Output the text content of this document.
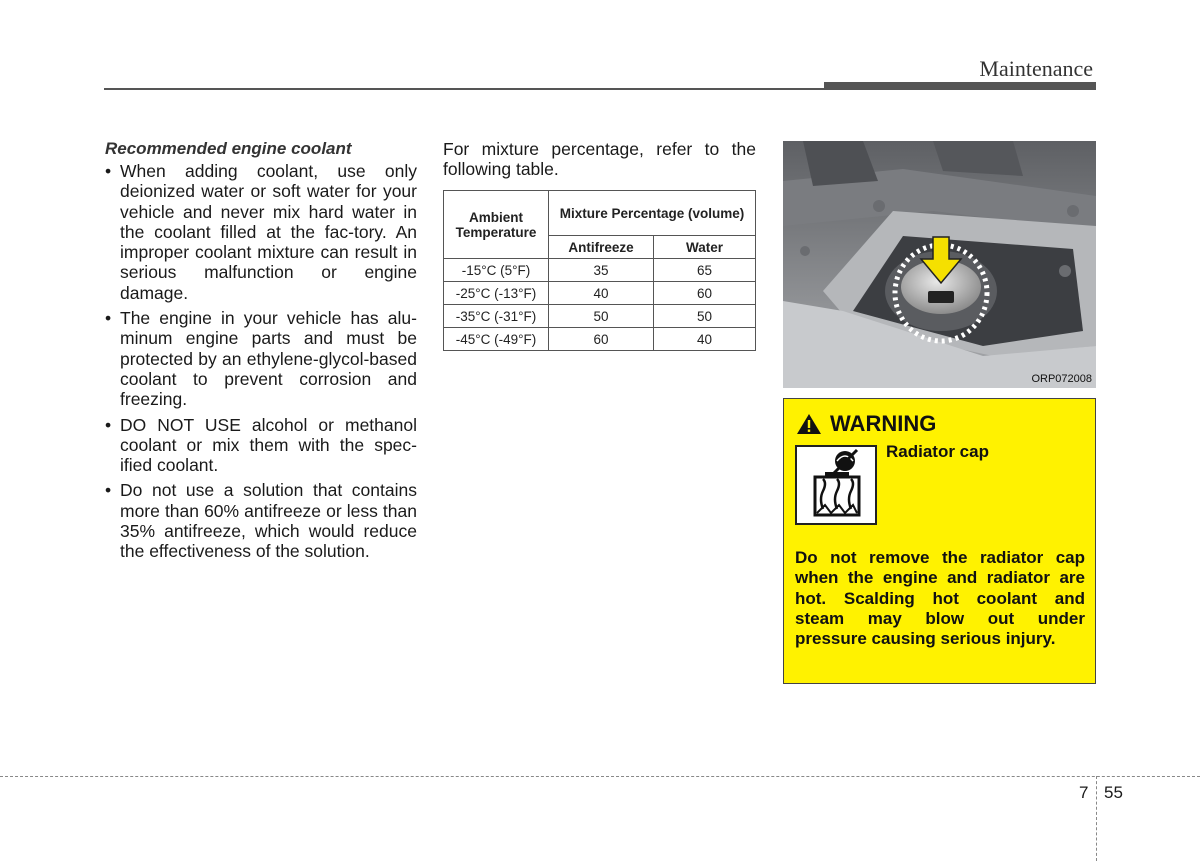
Maintenance
Recommended engine coolant
• When adding coolant, use only deionized water or soft water for your vehicle and never mix hard water in the coolant filled at the fac-tory. An improper coolant mixture can result in serious malfunction or engine damage.
• The engine in your vehicle has alu-minum engine parts and must be protected by an ethylene-glycol-based coolant to prevent corrosion and freezing.
• DO NOT USE alcohol or methanol coolant or mix them with the spec-ified coolant.
• Do not use a solution that contains more than 60% antifreeze or less than 35% antifreeze, which would reduce the effectiveness of the solution.

For mixture percentage, refer to the following table.

Ambient Temperature	Mixture Percentage (volume)	
	Antifreeze	Water
-15°C (5°F)	35	65
-25°C (-13°F)	40	60
-35°C (-31°F)	50	50
-45°C (-49°F)	60	40
ORP072008
WARNING
Radiator cap
Do not remove the radiator cap when the engine and radiator are hot. Scalding hot coolant and steam may blow out under pressure causing serious injury.
7 55
